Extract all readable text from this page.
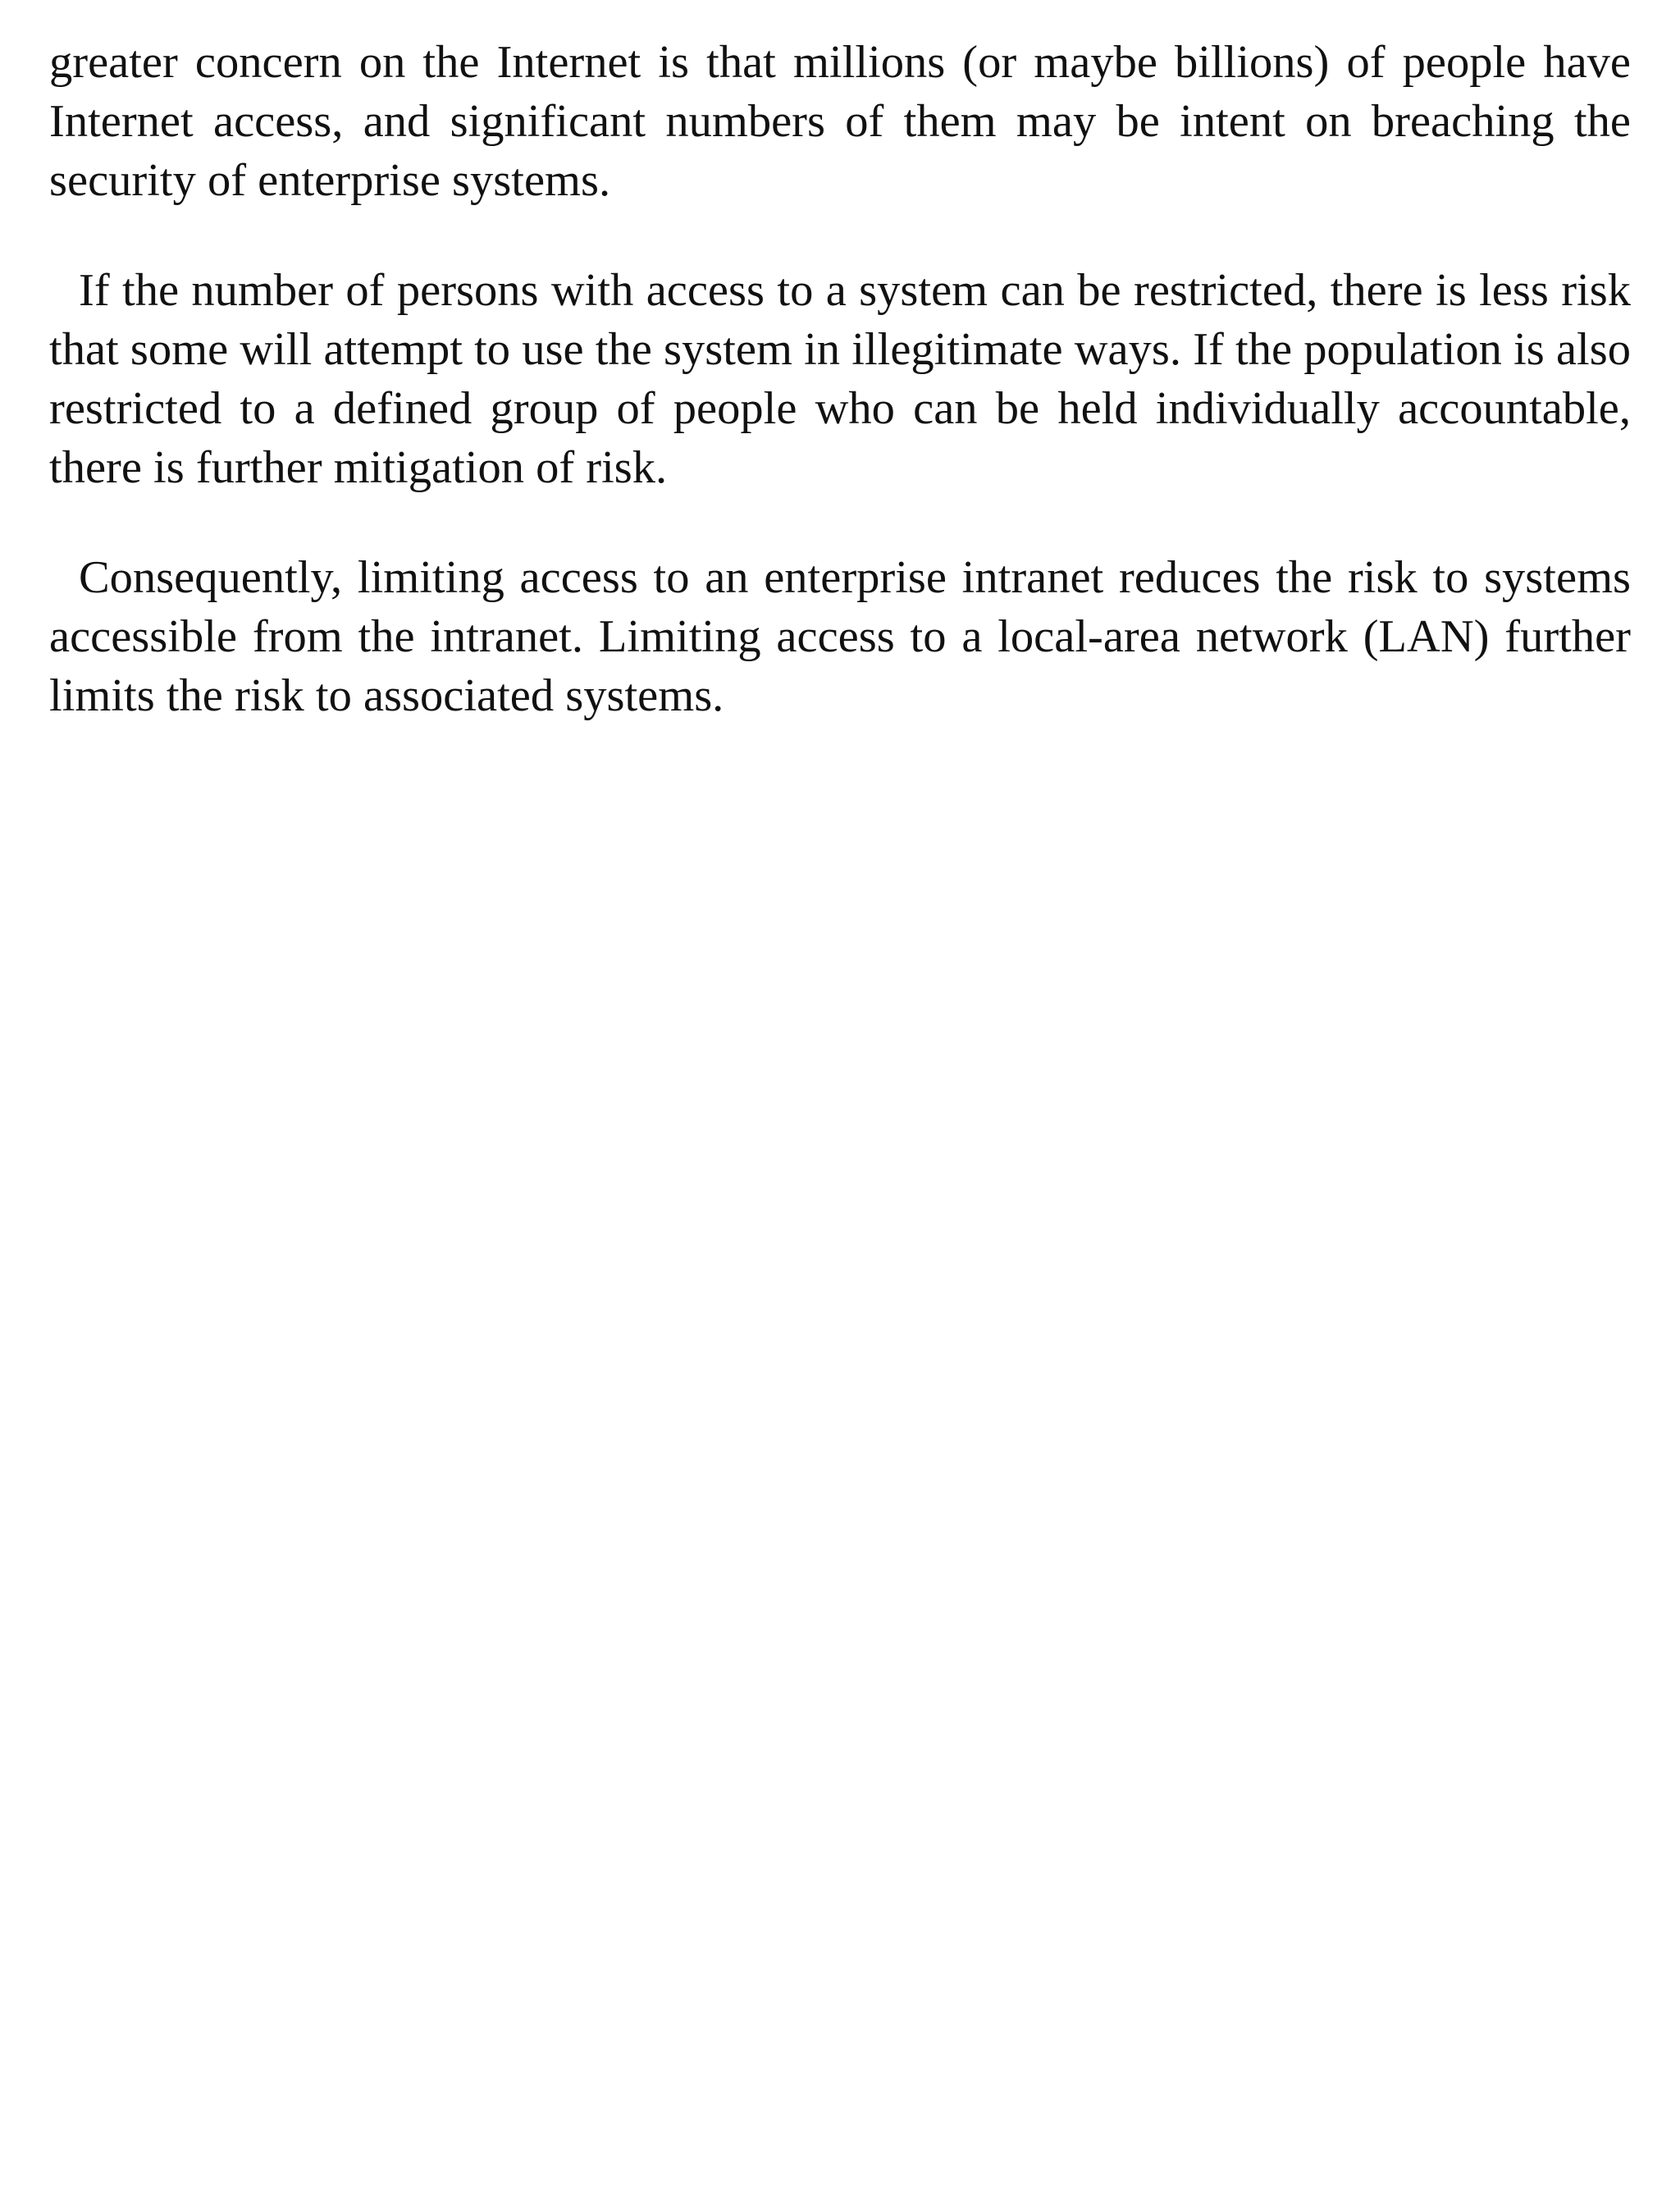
greater concern on the Internet is that millions (or maybe billions) of people have Internet access, and significant numbers of them may be intent on breaching the security of enterprise systems.

If the number of persons with access to a system can be restricted, there is less risk that some will attempt to use the system in illegitimate ways. If the population is also restricted to a defined group of people who can be held individually accountable, there is further mitigation of risk.

Consequently, limiting access to an enterprise intranet reduces the risk to systems accessible from the intranet. Limiting access to a local-area network (LAN) further limits the risk to associated systems.
